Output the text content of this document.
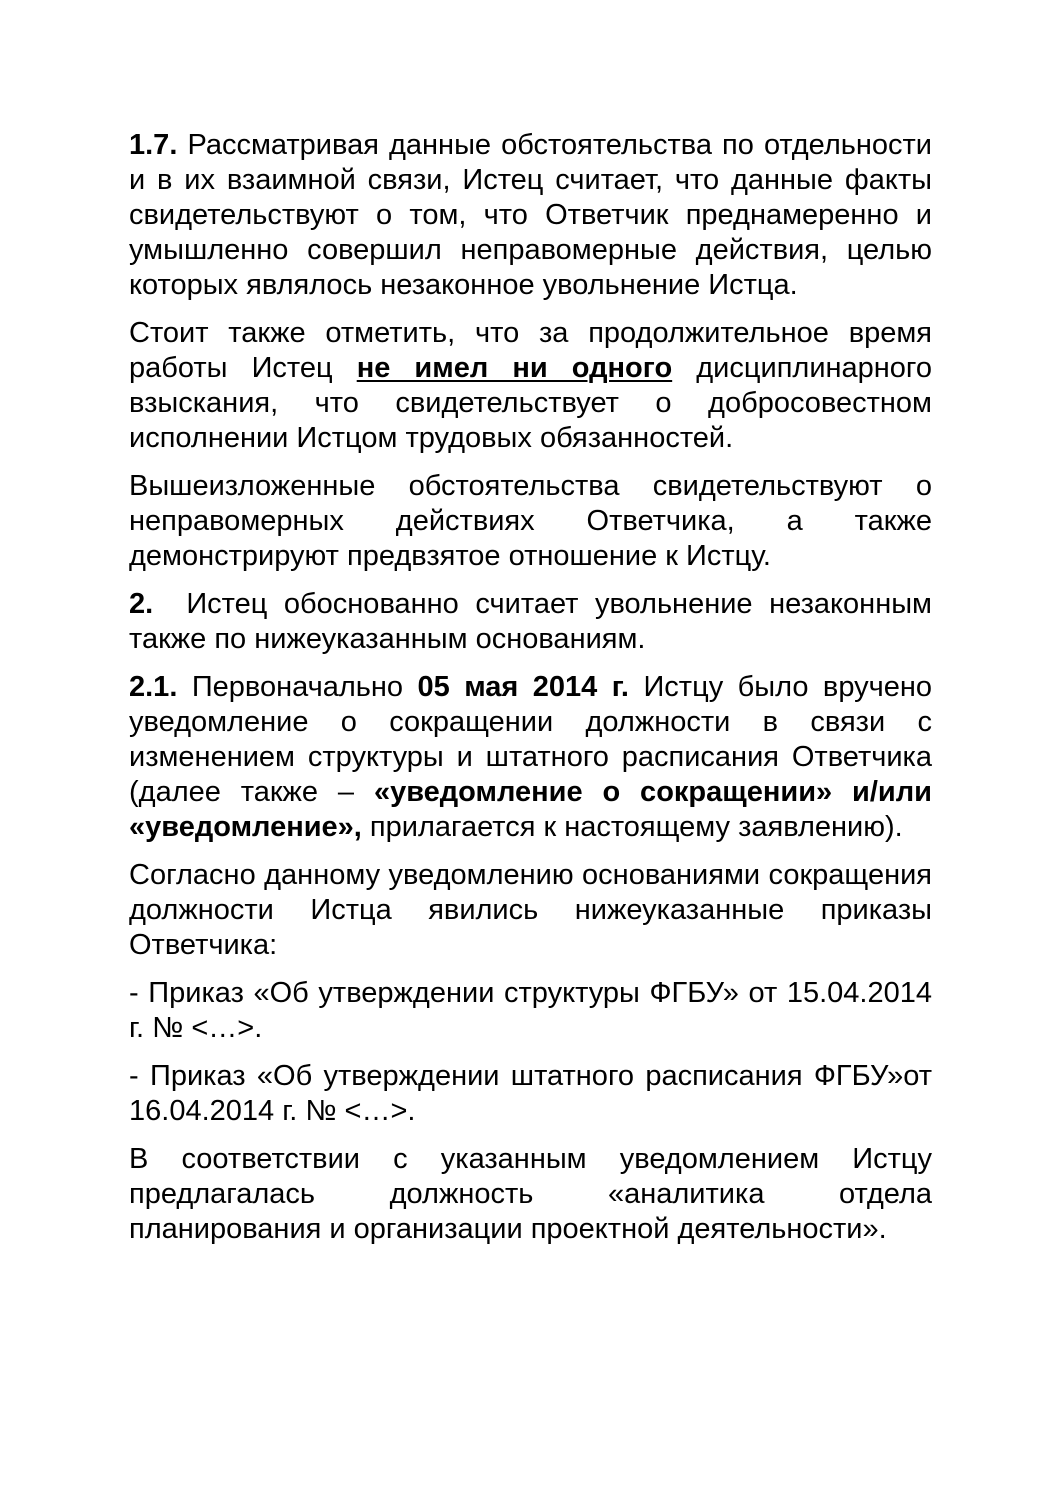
1.7. Рассматривая данные обстоятельства по отдельности и в их взаимной связи, Истец считает, что данные факты свидетельствуют о том, что Ответчик преднамеренно и умышленно совершил неправомерные действия, целью которых являлось незаконное увольнение Истца.

Стоит также отметить, что за продолжительное время работы Истец не имел ни одного дисциплинарного взыскания, что свидетельствует о добросовестном исполнении Истцом трудовых обязанностей.

Вышеизложенные обстоятельства свидетельствуют о неправомерных действиях Ответчика, а также демонстрируют предвзятое отношение к Истцу.

2.  Истец обоснованно считает увольнение незаконным также по нижеуказанным основаниям.

2.1. Первоначально 05 мая 2014 г. Истцу было вручено уведомление о сокращении должности в связи с изменением структуры и штатного расписания Ответчика (далее также – «уведомление о сокращении» и/или «уведомление», прилагается к настоящему заявлению).

Согласно данному уведомлению основаниями сокращения должности Истца явились нижеуказанные приказы Ответчика:

- Приказ «Об утверждении структуры ФГБУ» от 15.04.2014 г. № <…>.

- Приказ «Об утверждении штатного расписания ФГБУ»от 16.04.2014 г. № <…>.

В соответствии с указанным уведомлением Истцу предлагалась должность «аналитика отдела планирования и организации проектной деятельности».
